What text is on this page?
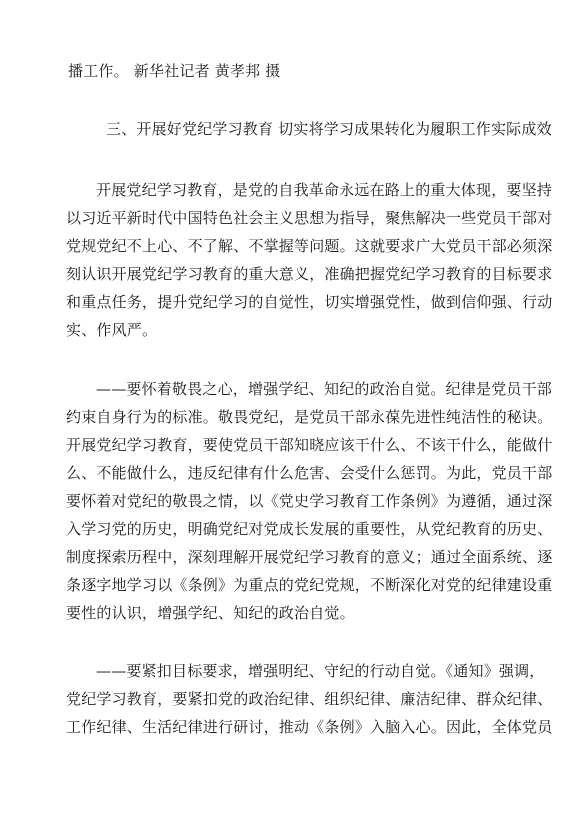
播工作。 新华社记者 黄孝邦 摄
三、开展好党纪学习教育 切实将学习成果转化为履职工作实际成效
开展党纪学习教育，是党的自我革命永远在路上的重大体现，要坚持
以习近平新时代中国特色社会主义思想为指导，聚焦解决一些党员干部对
党规党纪不上心、不了解、不掌握等问题。这就要求广大党员干部必须深
刻认识开展党纪学习教育的重大意义，准确把握党纪学习教育的目标要求
和重点任务，提升党纪学习的自觉性，切实增强党性，做到信仰强、行动
实、作风严。
——要怀着敬畏之心，增强学纪、知纪的政治自觉。纪律是党员干部
约束自身行为的标准。敬畏党纪，是党员干部永葆先进性纯洁性的秘诀。
开展党纪学习教育，要使党员干部知晓应该干什么、不该干什么，能做什
么、不能做什么，违反纪律有什么危害、会受什么惩罚。为此，党员干部
要怀着对党纪的敬畏之情，以《党史学习教育工作条例》为遵循，通过深
入学习党的历史，明确党纪对党成长发展的重要性，从党纪教育的历史、
制度探索历程中，深刻理解开展党纪学习教育的意义；通过全面系统、逐
条逐字地学习以《条例》为重点的党纪党规，不断深化对党的纪律建设重
要性的认识，增强学纪、知纪的政治自觉。
——要紧扣目标要求，增强明纪、守纪的行动自觉。《通知》强调，
党纪学习教育，要紧扣党的政治纪律、组织纪律、廉洁纪律、群众纪律、
工作纪律、生活纪律进行研讨，推动《条例》入脑入心。因此，全体党员
